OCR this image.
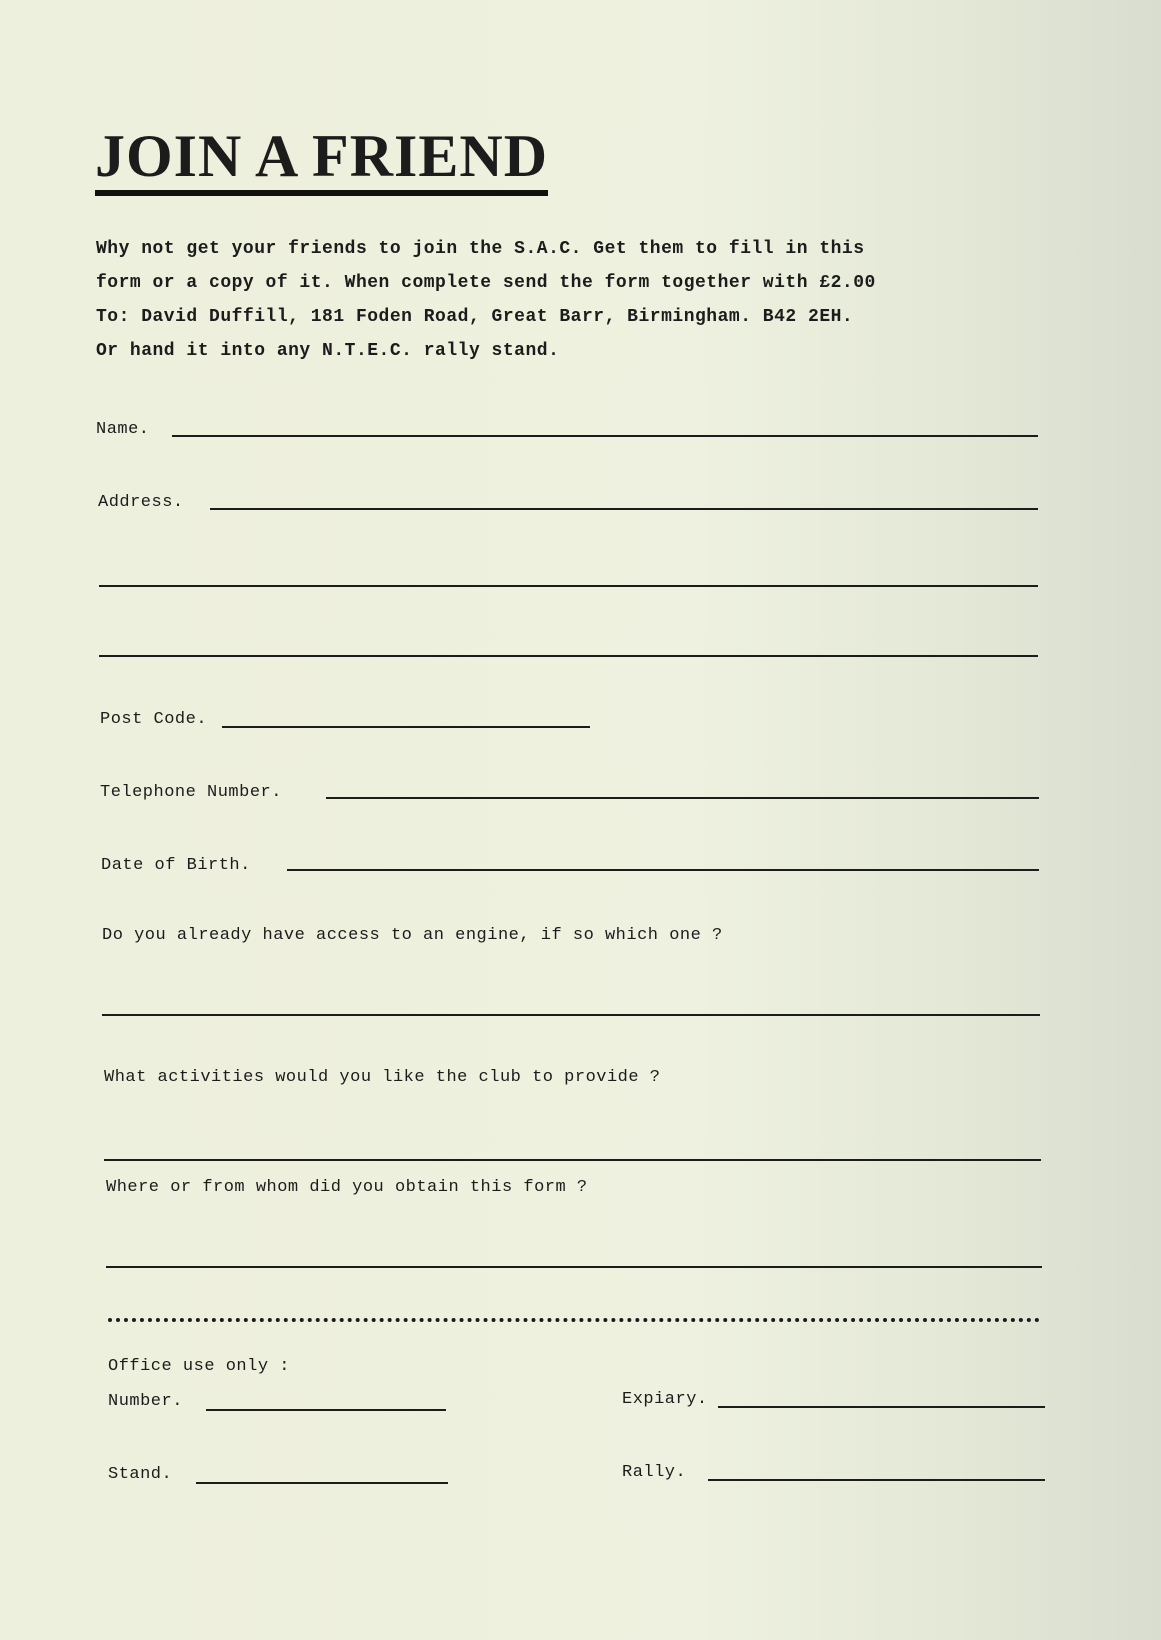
JOIN A FRIEND
Why not get your friends to join the S.A.C. Get them to fill in this
form or a copy of it. When complete send the form together with £2.00
To: David Duffill, 181 Foden Road, Great Barr, Birmingham. B42 2EH.
Or hand it into any N.T.E.C. rally stand.
Name.
Address.
Post Code.
Telephone Number.
Date of Birth.
Do you already have access to an engine, if so which one ?
What activities would you like the club to provide ?
Where or from whom did you obtain this form ?
Office use only :
Number.	Expiary.
Stand.	Rally.
